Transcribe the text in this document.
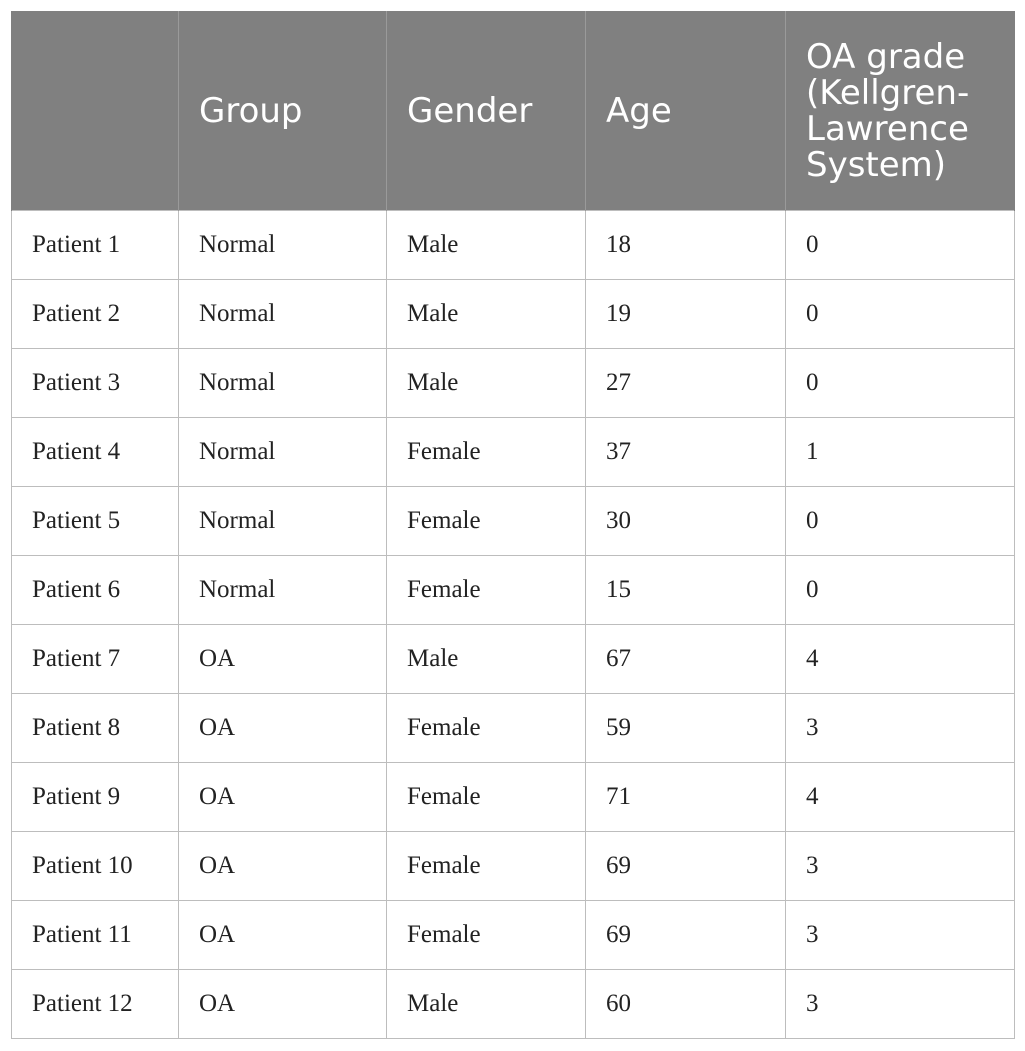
	Group	Gender	Age	OA grade
(Kellgren-
Lawrence
System)
Patient 1	Normal	Male	18	0
Patient 2	Normal	Male	19	0
Patient 3	Normal	Male	27	0
Patient 4	Normal	Female	37	1
Patient 5	Normal	Female	30	0
Patient 6	Normal	Female	15	0
Patient 7	OA	Male	67	4
Patient 8	OA	Female	59	3
Patient 9	OA	Female	71	4
Patient 10	OA	Female	69	3
Patient 11	OA	Female	69	3
Patient 12	OA	Male	60	3
